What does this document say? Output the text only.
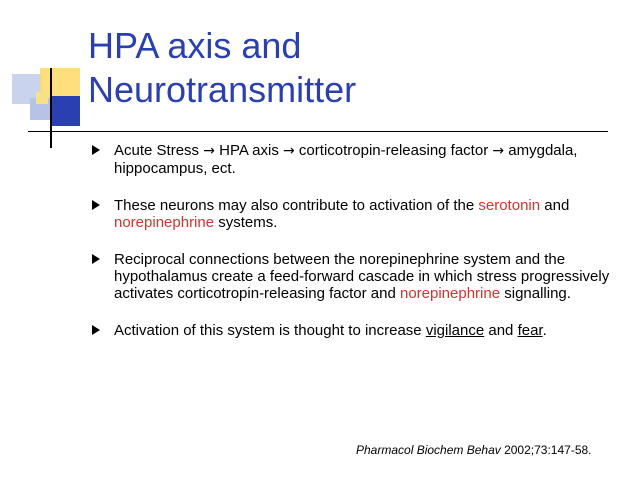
HPA axis and
Neurotransmitter
Acute Stress → HPA axis → corticotropin-releasing factor → amygdala, hippocampus, ect.
These neurons may also contribute to activation of the serotonin and norepinephrine systems.
Reciprocal connections between the norepinephrine system and the hypothalamus create a feed-forward cascade in which stress progressively activates corticotropin-releasing factor and norepinephrine signalling.
Activation of this system is thought to increase vigilance and fear.
Pharmacol Biochem Behav 2002;73:147-58.
